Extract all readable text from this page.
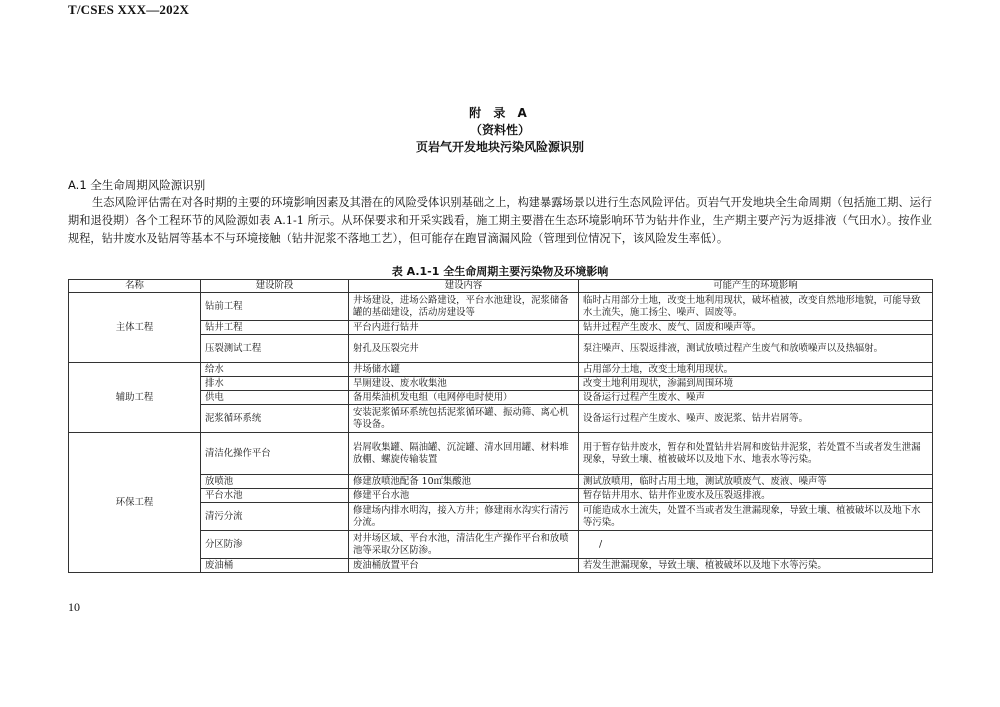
T/CSES XXX—202X
附 录 A
（资料性）
页岩气开发地块污染风险源识别
A.1 全生命周期风险源识别
生态风险评估需在对各时期的主要的环境影响因素及其潜在的风险受体识别基础之上，构建暴露场景以进行生态风险评估。页岩气开发地块全生命周期（包括施工期、运行期和退役期）各个工程环节的风险源如表 A.1-1 所示。从环保要求和开采实践看，施工期主要潜在生态环境影响环节为钻井作业，生产期主要产污为返排液（气田水）。按作业规程，钻井废水及钻屑等基本不与环境接触（钻井泥浆不落地工艺），但可能存在跑冒滴漏风险（管理到位情况下，该风险发生率低）。
表 A.1-1 全生命周期主要污染物及环境影响
名称	建设阶段	建设内容	可能产生的环境影响
主体工程	钻前工程	井场建设，进场公路建设，平台水池建设，泥浆储备罐的基础建设，活动房建设等	临时占用部分土地，改变土地利用现状，破坏植被，改变自然地形地貌，可能导致水土流失，施工扬尘、噪声、固废等。
	钻井工程	平台内进行钻井	钻井过程产生废水、废气、固废和噪声等。
	压裂测试工程	射孔及压裂完井	泵注噪声、压裂返排液，测试放喷过程产生废气和放喷噪声以及热辐射。
辅助工程	给水	井场储水罐	占用部分土地，改变土地利用现状。
	排水	旱厕建设、废水收集池	改变土地利用现状，渗漏到周围环境
	供电	备用柴油机发电组（电网停电时使用）	设备运行过程产生废水、噪声
	泥浆循环系统	安装泥浆循环系统包括泥浆循环罐、振动筛、离心机等设备。	设备运行过程产生废水、噪声、废泥浆、钻井岩屑等。
环保工程	清洁化操作平台	岩屑收集罐、隔油罐、沉淀罐、清水回用罐、材料堆放棚、螺旋传输装置	用于暂存钻井废水，暂存和处置钻井岩屑和废钻井泥浆，若处置不当或者发生泄漏现象，导致土壤、植被破坏以及地下水、地表水等污染。
	放喷池	修建放喷池配备 10㎡集酸池	测试放喷用，临时占用土地，测试放喷废气、废液、噪声等
	平台水池	修建平台水池	暂存钻井用水、钻井作业废水及压裂返排液。
	清污分流	修建场内排水明沟，接入方井；修建雨水沟实行清污分流。	可能造成水土流失，处置不当或者发生泄漏现象，导致土壤、植被破坏以及地下水等污染。
	分区防渗	对井场区域、平台水池，清洁化生产操作平台和放喷池等采取分区防渗。	/
	废油桶	废油桶放置平台	若发生泄漏现象，导致土壤、植被破坏以及地下水等污染。
10
